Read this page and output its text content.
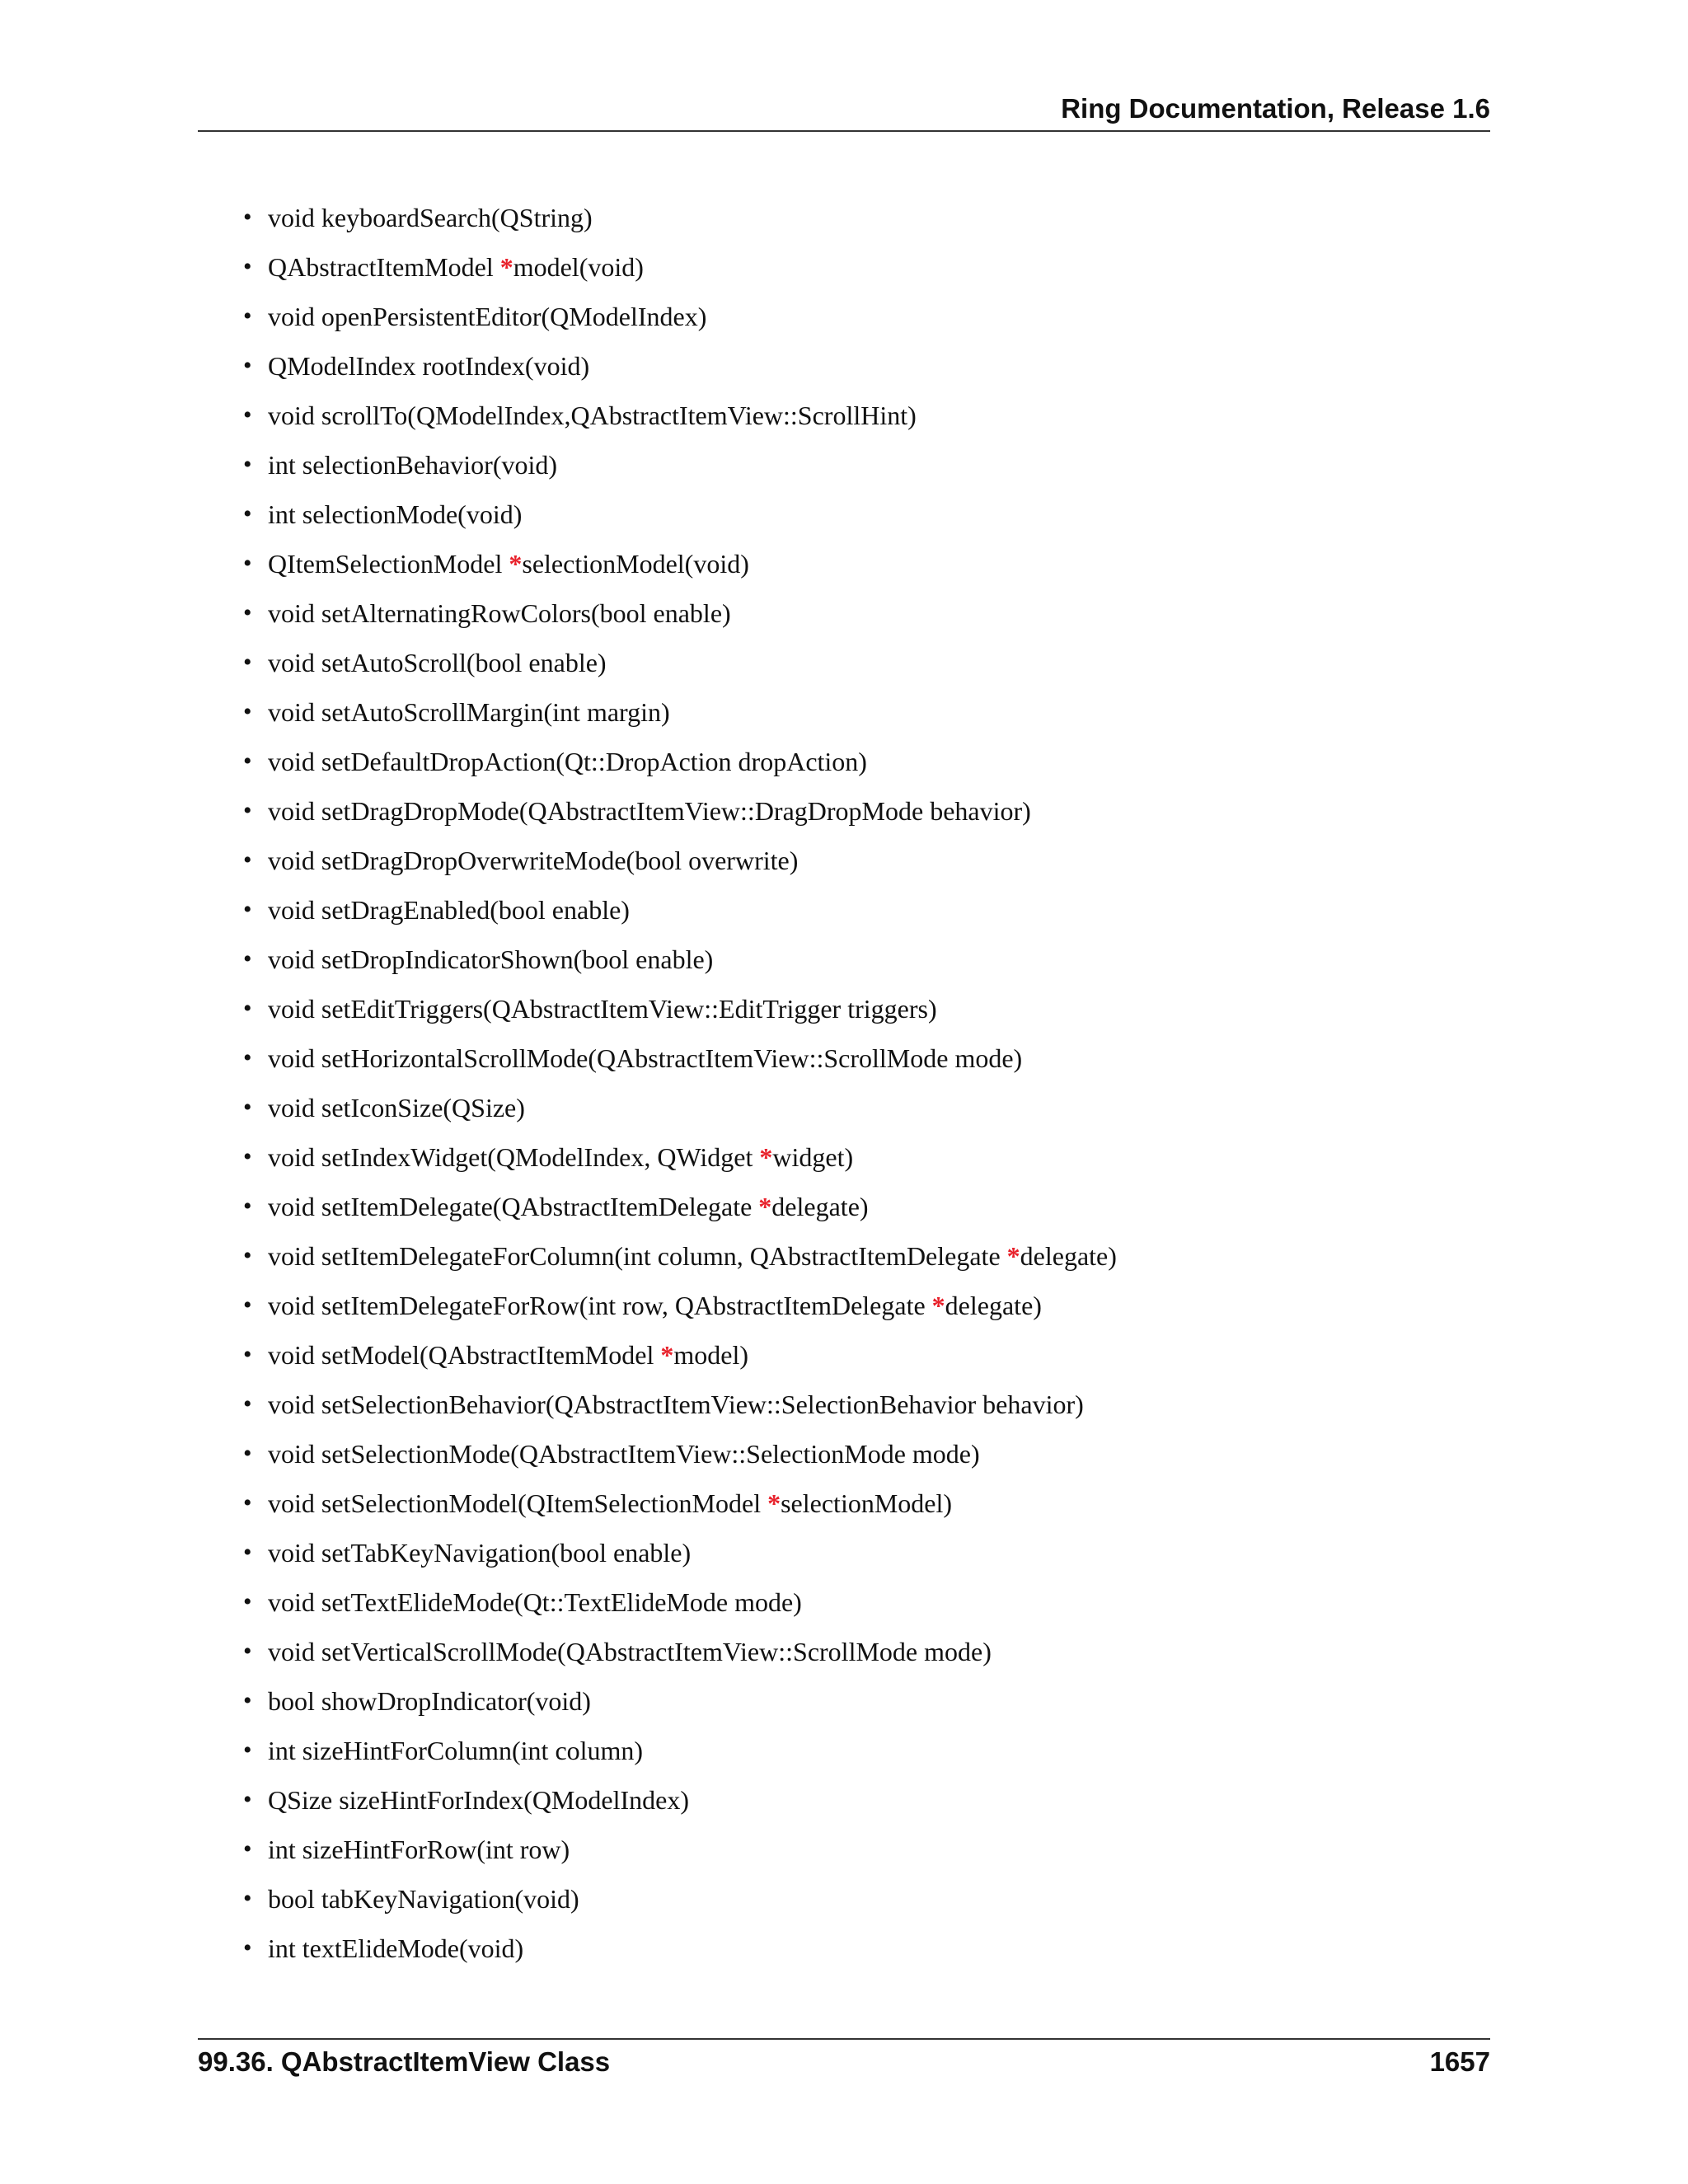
Ring Documentation, Release 1.6
• void keyboardSearch(QString)
• QAbstractItemModel *model(void)
• void openPersistentEditor(QModelIndex)
• QModelIndex rootIndex(void)
• void scrollTo(QModelIndex,QAbstractItemView::ScrollHint)
• int selectionBehavior(void)
• int selectionMode(void)
• QItemSelectionModel *selectionModel(void)
• void setAlternatingRowColors(bool enable)
• void setAutoScroll(bool enable)
• void setAutoScrollMargin(int margin)
• void setDefaultDropAction(Qt::DropAction dropAction)
• void setDragDropMode(QAbstractItemView::DragDropMode behavior)
• void setDragDropOverwriteMode(bool overwrite)
• void setDragEnabled(bool enable)
• void setDropIndicatorShown(bool enable)
• void setEditTriggers(QAbstractItemView::EditTrigger triggers)
• void setHorizontalScrollMode(QAbstractItemView::ScrollMode mode)
• void setIconSize(QSize)
• void setIndexWidget(QModelIndex, QWidget *widget)
• void setItemDelegate(QAbstractItemDelegate *delegate)
• void setItemDelegateForColumn(int column, QAbstractItemDelegate *delegate)
• void setItemDelegateForRow(int row, QAbstractItemDelegate *delegate)
• void setModel(QAbstractItemModel *model)
• void setSelectionBehavior(QAbstractItemView::SelectionBehavior behavior)
• void setSelectionMode(QAbstractItemView::SelectionMode mode)
• void setSelectionModel(QItemSelectionModel *selectionModel)
• void setTabKeyNavigation(bool enable)
• void setTextElideMode(Qt::TextElideMode mode)
• void setVerticalScrollMode(QAbstractItemView::ScrollMode mode)
• bool showDropIndicator(void)
• int sizeHintForColumn(int column)
• QSize sizeHintForIndex(QModelIndex)
• int sizeHintForRow(int row)
• bool tabKeyNavigation(void)
• int textElideMode(void)
99.36. QAbstractItemView Class	1657
